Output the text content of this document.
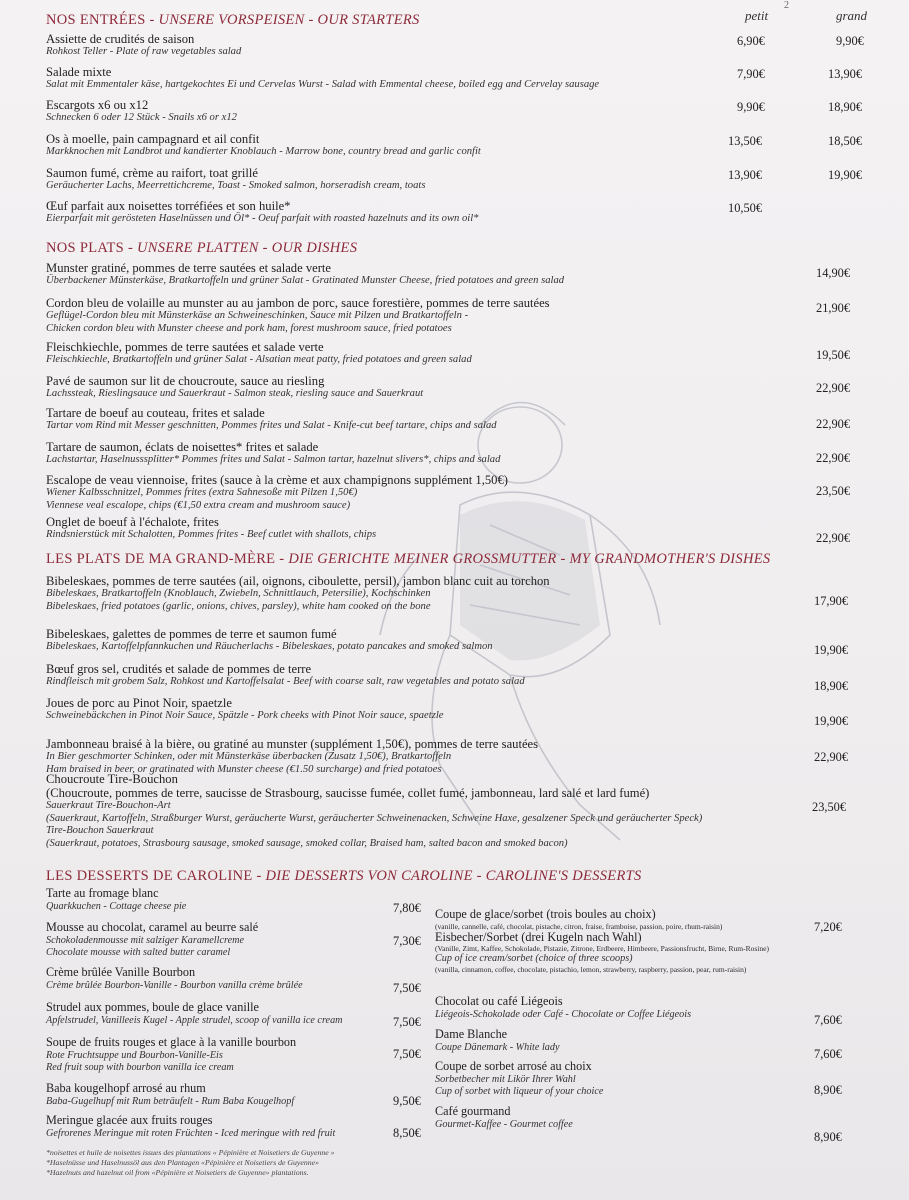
2
NOS ENTRÉES - UNSERE VORSPEISEN - OUR STARTERS	petit	grand
Assiette de crudités de saison
Rohkost Teller - Plate of raw vegetables salad
6,90€	9,90€
Salade mixte
Salat mit Emmentaler käse, hartgekochtes Ei und Cervelas Wurst - Salad with Emmental cheese, boiled egg and Cervelay sausage
7,90€	13,90€
Escargots x6 ou x12
Schnecken 6 oder 12 Stück - Snails x6 or x12
9,90€	18,90€
Os à moelle, pain campagnard et ail confit
Markknochen mit Landbrot und kandierter Knoblauch - Marrow bone, country bread and garlic confit
13,50€	18,50€
Saumon fumé, crème au raifort, toat grillé
Geräucherter Lachs, Meerrettichcreme, Toast - Smoked salmon, horseradish cream, toats
13,90€	19,90€
Œuf parfait aux noisettes torréfiées et son huile*
Eierparfait mit gerösteten Haselnüssen und Öl* - Oeuf parfait with roasted hazelnuts and its own oil*
10,50€
Munster gratiné, pommes de terre sautées et salade verte
Überbackener Münsterkäse, Bratkartoffeln und grüner Salat - Gratinated Munster Cheese, fried potatoes and green salad
14,90€
Cordon bleu de volaille au munster au au jambon de porc, sauce forestière, pommes de terre sautées
Geflügel-Cordon bleu mit Münsterkäse an Schweineschinken, Sauce mit Pilzen und Bratkartoffeln -
Chicken cordon bleu with Munster cheese and pork ham, forest mushroom sauce, fried potatoes
21,90€
Fleischkiechle, pommes de terre sautées et salade verte
Fleischkiechle, Bratkartoffeln und grüner Salat - Alsatian meat patty, fried potatoes and green salad	19,50€
Pavé de saumon sur lit de choucroute, sauce au riesling
Lachssteak, Rieslingsauce und Sauerkraut - Salmon steak, riesling sauce and Sauerkraut	22,90€
Tartare de boeuf au couteau, frites et salade
Tartar vom Rind mit Messer geschnitten, Pommes frites und Salat - Knife-cut beef tartare, chips and salad	22,90€
Tartare de saumon, éclats de noisettes* frites et salade
Lachstartar, Haselnusssplitter* Pommes frites und Salat - Salmon tartar, hazelnut slivers*, chips and salad	22,90€
Escalope de veau viennoise, frites (sauce à la crème et aux champignons supplément 1,50€)
Wiener Kalbsschnitzel, Pommes frites (extra Sahnesoße mit Pilzen 1,50€)
Viennese veal escalope, chips (€1,50 extra cream and mushroom sauce)
23,50€
Onglet de boeuf à l'échalote, frites
Rindsnierstück mit Schalotten, Pommes frites - Beef cutlet with shallots, chips	22,90€
Bibeleskaes, pommes de terre sautées (ail, oignons, ciboulette, persil), jambon blanc cuit au torchon
Bibeleskaes, Bratkartoffeln (Knoblauch, Zwiebeln, Schnittlauch, Petersilie), Kochschinken
Bibeleskaes, fried potatoes (garlic, onions, chives, parsley), white ham cooked on the bone	17,90€
Bibeleskaes, galettes de pommes de terre et saumon fumé
Bibeleskaes, Kartoffelpfannkuchen und Räucherlachs - Bibeleskaes, potato pancakes and smoked salmon	19,90€
Bœuf gros sel, crudités et salade de pommes de terre
Rindfleisch mit grobem Salz, Rohkost und Kartoffelsalat - Beef with coarse salt, raw vegetables and potato salad	18,90€
Joues de porc au Pinot Noir, spaetzle
Schweinebäckchen in Pinot Noir Sauce, Spätzle - Pork cheeks with Pinot Noir sauce, spaetzle	19,90€
Jambonneau braisé à la bière, ou gratiné au munster (supplément 1,50€), pommes de terre sautées
In Bier geschmorter Schinken, oder mit Münsterkäse überbacken (Zusatz 1,50€), Bratkartoffeln
Ham braised in beer, or gratinated with Munster cheese (€1.50 surcharge) and fried potatoes
22,90€
NOS PLATS - UNSERE PLATTEN - OUR DISHES
LES PLATS DE MA GRAND-MÈRE - DIE GERICHTE MEINER GROSSMUTTER - MY GRANDMOTHER'S DISHES
Choucroute Tire-Bouchon
(Choucroute, pommes de terre, saucisse de Strasbourg, saucisse fumée, collet fumé, jambonneau, lard salé et lard fumé)
Sauerkraut Tire-Bouchon-Art
(Sauerkraut, Kartoffeln, Straßburger Wurst, geräucherte Wurst, geräucherter Schweinenacken, Schweine Haxe, gesalzener Speck und geräucherter Speck)
Tire-Bouchon Sauerkraut
(Sauerkraut, potatoes, Strasbourg sausage, smoked sausage, smoked collar, Braised ham, salted bacon and smoked bacon)
23,50€
LES DESSERTS DE CAROLINE - DIE DESSERTS VON CAROLINE - CAROLINE'S DESSERTS
Tarte au fromage blanc
Quarkkuchen - Cottage cheese pie	7,80€
Mousse au chocolat, caramel au beurre salé
Schokoladenmousse mit salziger Karamellcreme
Chocolate mousse with salted butter caramel
7,30€
Crème brûlée Vanille Bourbon
Crème brûlée Bourbon-Vanille - Bourbon vanilla crème brûlée	7,50€
Strudel aux pommes, boule de glace vanille
Apfelstrudel, Vanilleeis Kugel - Apple strudel, scoop of vanilla ice cream	7,50€
Soupe de fruits rouges et glace à la vanille bourbon
Rote Fruchtsuppe und Bourbon-Vanille-Eis
Red fruit soup with bourbon vanilla ice cream
7,50€
Baba kougelhopf arrosé au rhum
Baba-Gugelhupf mit Rum beträufelt - Rum Baba Kougelhopf	9,50€
Meringue glacée aux fruits rouges
Gefrorenes Meringue mit roten Früchten - Iced meringue with red fruit	8,50€
Coupe de glace/sorbet (trois boules au choix)
(vanille, cannelle, café, chocolat, pistache, citron, fraise, framboise, passion, poire, rhum-raisin)
Eisbecher/Sorbet (drei Kugeln nach Wahl)
(Vanille, Zimt, Kaffee, Schokolade, Pistazie, Zitrone, Erdbeere, Himbeere, Passionsfrucht, Birne, Rum-Rosine)
Cup of ice cream/sorbet (choice of three scoops)
(vanilla, cinnamon, coffee, chocolate, pistachio, lemon, strawberry, raspberry, passion, pear, rum-raisin)
7,20€
Chocolat ou café Liégeois
Liégeois-Schokolade oder Café - Chocolate or Coffee Liégeois	7,60€
Dame Blanche
Coupe Dänemark - White lady	7,60€
Coupe de sorbet arrosé au choix
Sorbetbecher mit Likör Ihrer Wahl
Cup of sorbet with liqueur of your choice	8,90€
Café gourmand
Gourmet-Kaffee - Gourmet coffee
8,90€
*noisettes et huile de noisettes issues des plantations « Pépinière et Noisetiers de Guyenne »
*Haselnüsse und Haselnussöl aus den Plantagen «Pépinière et Noisetiers de Guyenne»
*Hazelnuts and hazelnut oil from «Pépinière et Noisetiers de Guyenne» plantations.
